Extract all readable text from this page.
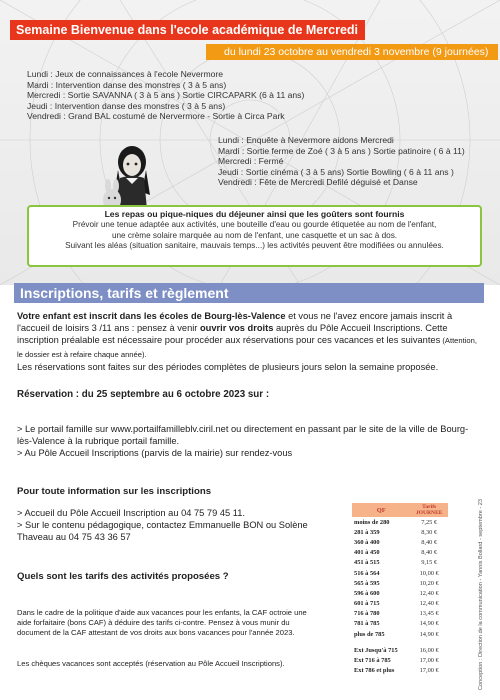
Semaine Bienvenue dans l'ecole académique de Mercredi
du lundi 23 octobre au vendredi 3 novembre (9 journées)
Lundi : Jeux de connaissances à l'ecole Nevermore
Mardi : Intervention danse des monstres ( 3 à 5 ans)
Mercredi : Sortie SAVANNA ( 3 à 5 ans ) Sortie CIRCAPARK (6 à 11 ans)
Jeudi : Intervention danse des monstres ( 3 à 5 ans)
Vendredi : Grand BAL costumé de Nervermore - Sortie à Circa Park
Lundi : Enquête à Nevermore aidons Mercredi
Mardi : Sortie ferme de Zoé ( 3 à 5 ans ) Sortie patinoire ( 6 à 11)
Mercredi : Fermé
Jeudi : Sortie cinéma ( 3 à 5 ans) Sortie Bowling ( 6 à 11 ans )
Vendredi : Fête de Mercredi Defilé déguisé et Danse
Les repas ou pique-niques du déjeuner ainsi que les goûters sont fournis
Prévoir une tenue adaptée aux activités, une bouteille d'eau ou gourde étiquetée au nom de l'enfant,
une crème solaire marquée au nom de l'enfant, une casquette et un sac à dos.
Suivant les aléas (situation sanitaire, mauvais temps...) les activités peuvent être modifiées ou annulées.
Inscriptions, tarifs et règlement
Votre enfant est inscrit dans les écoles de Bourg-lès-Valence et vous ne l'avez encore jamais inscrit à l'accueil de loisirs 3 /11 ans : pensez à venir ouvrir vos droits auprès du Pôle Accueil Inscriptions. Cette inscription préalable est nécessaire pour procéder aux réservations pour ces vacances et les suivantes (Attention, le dossier est à refaire chaque année).
Les réservations sont faites sur des périodes complètes de plusieurs jours selon la semaine proposée.
Réservation : du 25 septembre au 6 octobre 2023 sur :
> Le portail famille sur www.portailfamilleblv.ciril.net ou directement en passant par le site de la ville de Bourg-lès-Valence à la rubrique portail famille.
> Au Pôle Accueil Inscriptions (parvis de la mairie) sur rendez-vous
Pour toute information sur les inscriptions
> Accueil du Pôle Accueil Inscription au 04 75 79 45 11.
> Sur le contenu pédagogique, contactez Emmanuelle BON ou Solène Thaveau au 04 75 43 36 57
Quels sont les tarifs des activités proposées ?
Dans le cadre de la politique d'aide aux vacances pour les enfants, la CAF octroie une aide forfaitaire (bons CAF) à déduire des tarifs ci-contre. Pensez à vous munir du document de la CAF attestant de vos droits aux bons vacances pour l'année 2023.
Les chèques vacances sont acceptés (réservation au Pôle Accueil Inscriptions).
QF	Tarifs
JOURNEE

moins de 280	7,25 €
281 à 359	8,30 €
360 à 400	8,40 €
401 à 450	8,40 €
451 à 515	9,15 €
516 à 564	10,00 €
565 à 595	10,20 €
596 à 600	12,40 €
601 à 715	12,40 €
716 à 780	13,45 €
781 à 785	14,90 €
plus de 785	14,90 €

Ext Jusqu'à 715	16,00 €
Ext 716 à 785	17,00 €
Ext 786 et plus	17,00 €	Conception : Direction de la communication - Yannis Bollard - septembre - 23
